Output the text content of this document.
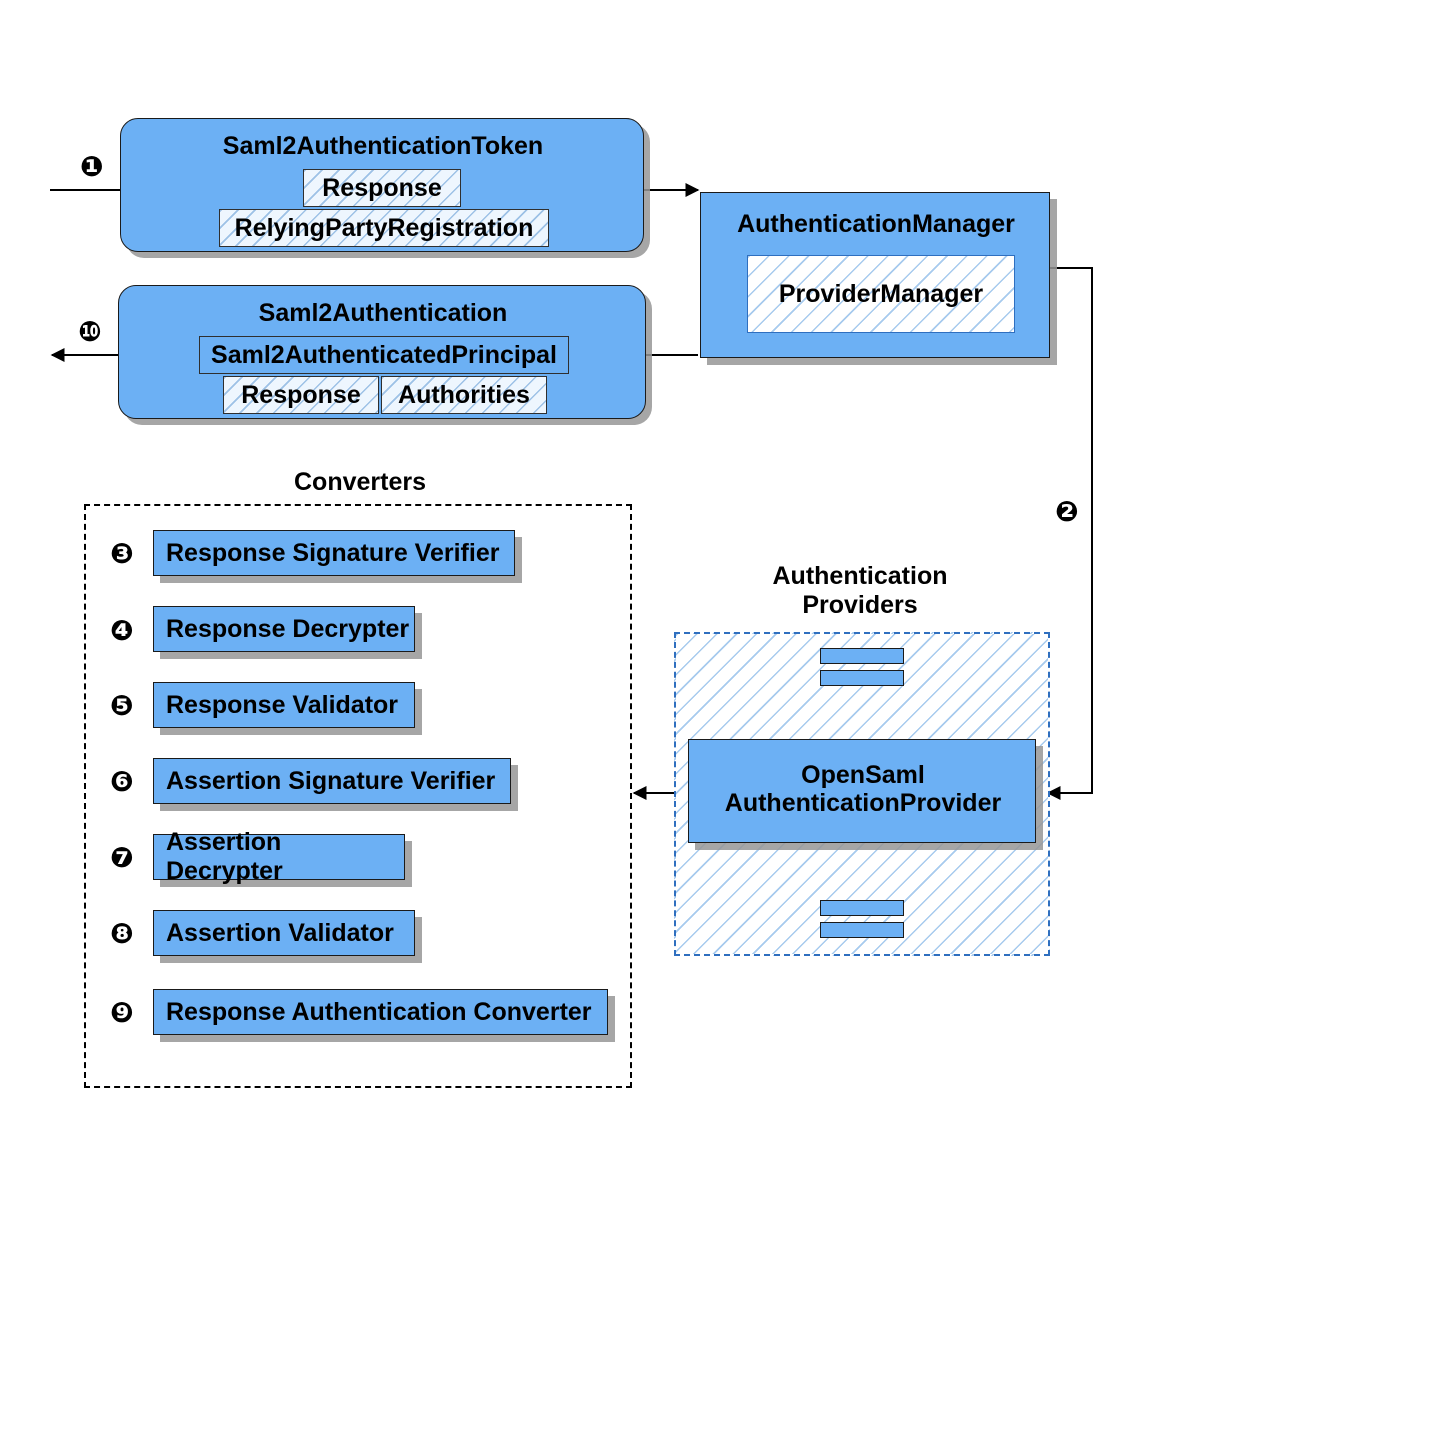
❶
Saml2AuthenticationToken
Response
RelyingPartyRegistration
❿
Saml2Authentication
Saml2AuthenticatedPrincipal
Response	Authorities
AuthenticationManager
ProviderManager
❷
Converters
❸	Response Signature Verifier
❹	Response Decrypter
❺	Response Validator
❻	Assertion Signature Verifier
❼	Assertion Decrypter
❽	Assertion Validator
❾	Response Authentication Converter
Authentication
Providers
OpenSaml
AuthenticationProvider
